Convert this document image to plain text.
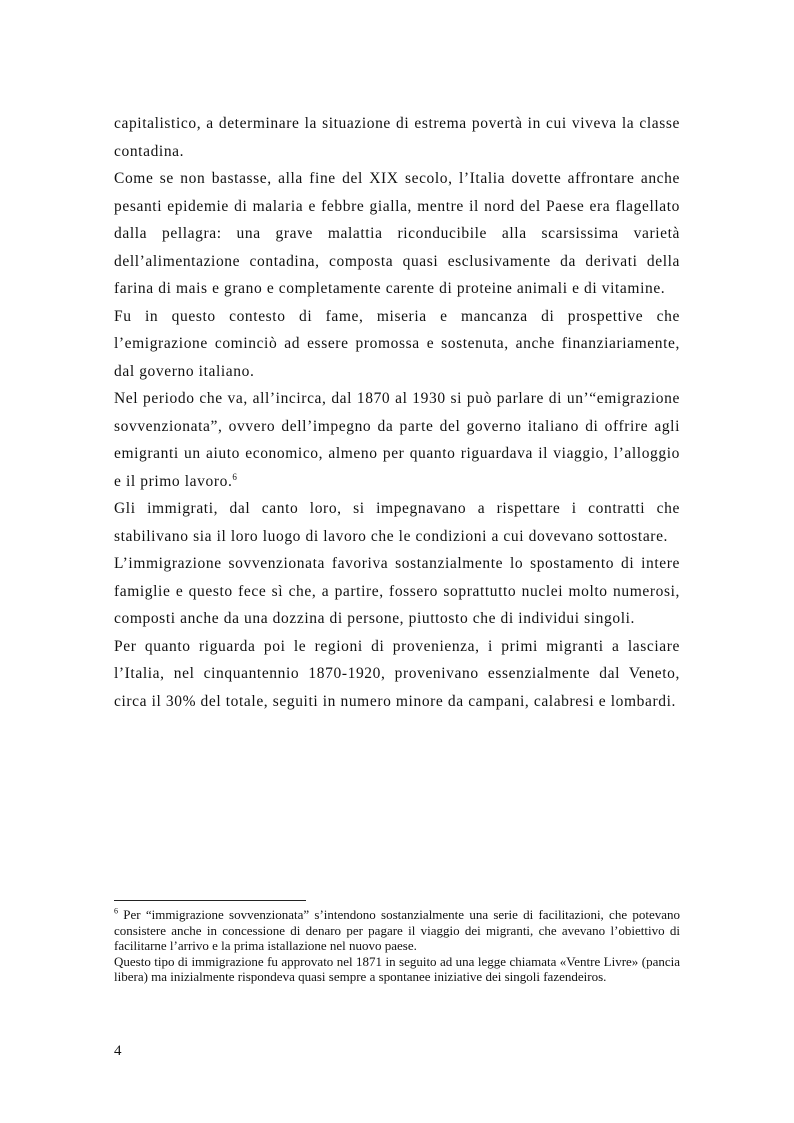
capitalistico, a determinare la situazione di estrema povertà in cui viveva la classe contadina.

Come se non bastasse, alla fine del XIX secolo, l’Italia dovette affrontare anche pesanti epidemie di malaria e febbre gialla, mentre il nord del Paese era flagellato dalla pellagra: una grave malattia riconducibile alla scarsissima varietà dell’alimentazione contadina, composta quasi esclusivamente da derivati della farina di mais e grano e completamente carente di proteine animali e di vitamine.

Fu in questo contesto di fame, miseria e mancanza di prospettive che l’emigrazione cominciò ad essere promossa e sostenuta, anche finanziariamente, dal governo italiano.

Nel periodo che va, all’incirca, dal 1870 al 1930 si può parlare di un’“emigrazione sovvenzionata”, ovvero dell’impegno da parte del governo italiano di offrire agli emigranti un aiuto economico, almeno per quanto riguardava il viaggio, l’alloggio e il primo lavoro.$^6$

Gli immigrati, dal canto loro, si impegnavano a rispettare i contratti che stabilivano sia il loro luogo di lavoro che le condizioni a cui dovevano sottostare.

L’immigrazione sovvenzionata favoriva sostanzialmente lo spostamento di intere famiglie e questo fece sì che, a partire, fossero soprattutto nuclei molto numerosi, composti anche da una dozzina di persone, piuttosto che di individui singoli.

Per quanto riguarda poi le regioni di provenienza, i primi migranti a lasciare l’Italia, nel cinquantennio 1870-1920, provenivano essenzialmente dal Veneto, circa il 30% del totale, seguiti in numero minore da campani, calabresi e lombardi.

$^6$ Per “immigrazione sovvenzionata” s’intendono sostanzialmente una serie di facilitazioni, che potevano consistere anche in concessione di denaro per pagare il viaggio dei migranti, che avevano l’obiettivo di facilitarne l’arrivo e la prima istallazione nel nuovo paese.

Questo tipo di immigrazione fu approvato nel 1871 in seguito ad una legge chiamata «Ventre Livre» (pancia libera) ma inizialmente rispondeva quasi sempre a spontanee iniziative dei singoli fazendeiros.

4
